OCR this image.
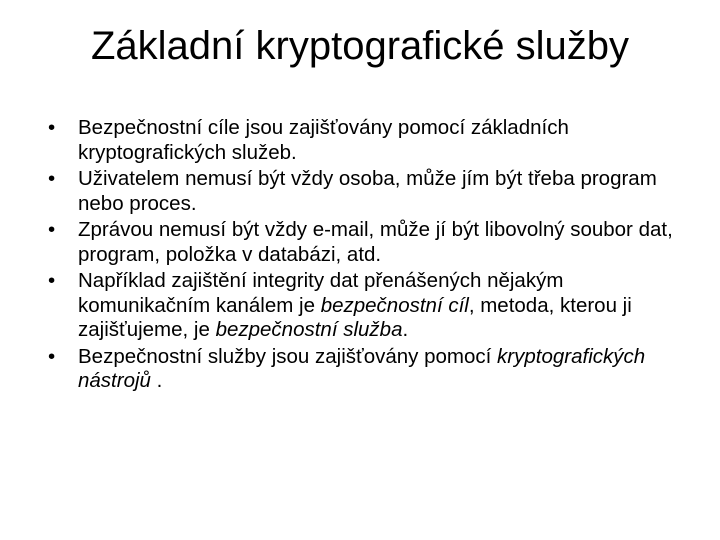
Základní kryptografické služby
•	Bezpečnostní cíle jsou zajišťovány pomocí základních kryptografických služeb.
•	Uživatelem nemusí být vždy osoba, může jím být třeba program nebo proces.
•	Zprávou nemusí být vždy e-mail, může jí být libovolný soubor dat, program, položka v databázi, atd.
•	Například zajištění integrity dat přenášených nějakým komunikačním kanálem je bezpečnostní cíl, metoda, kterou ji zajišťujeme, je bezpečnostní služba.
•	Bezpečnostní služby jsou zajišťovány pomocí kryptografických nástrojů .
